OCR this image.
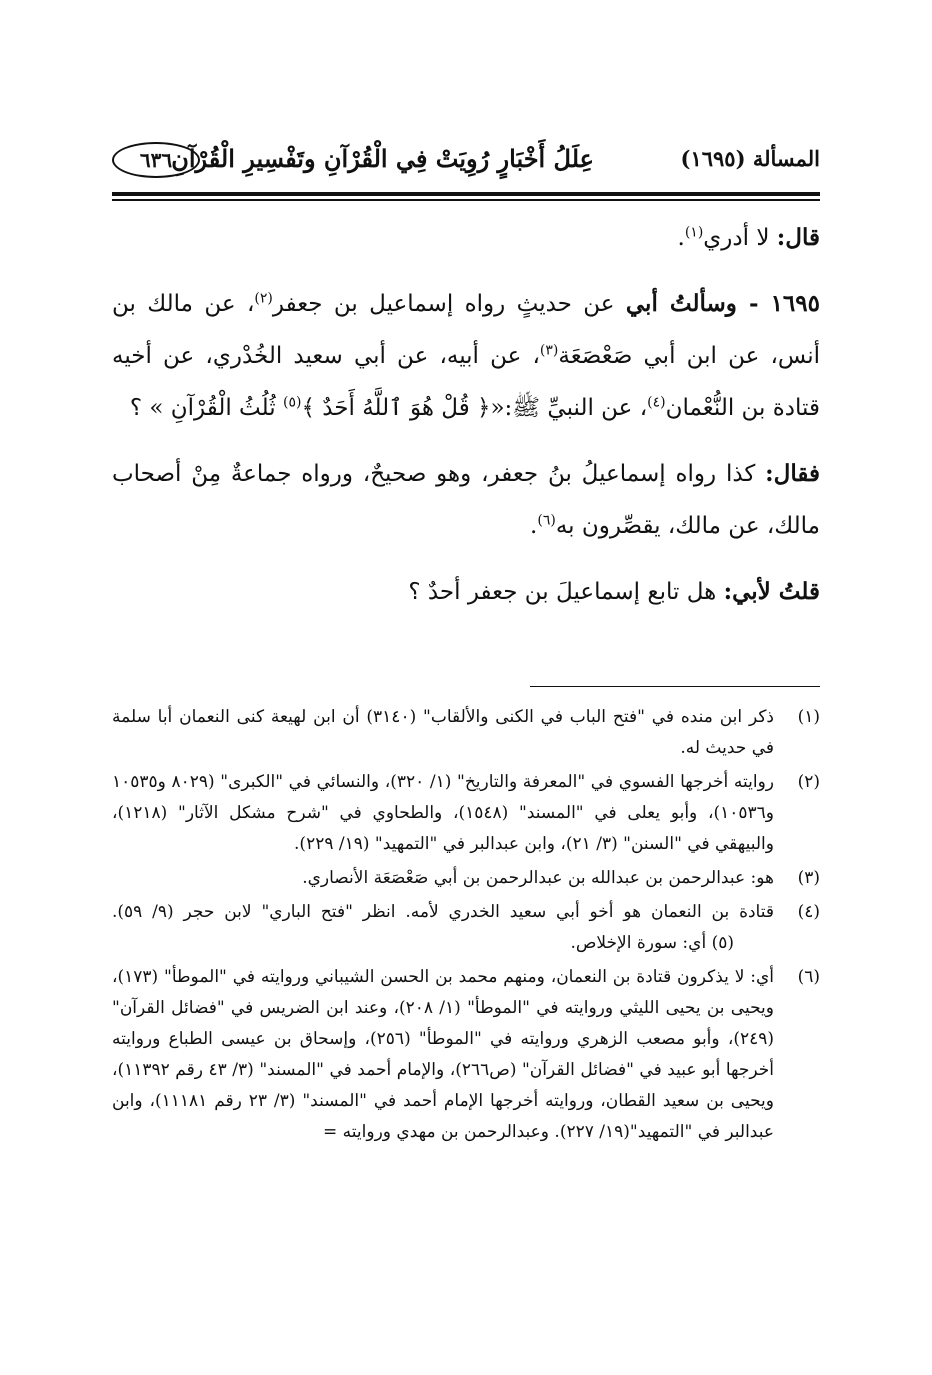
المسألة (١٦٩٥)
عِلَلُ أَخْبَارٍ رُوِيَتْ فِي الْقُرْآنِ وتَفْسِيرِ الْقُرْآنِ
٦٣٦

قال: لا أدري$^{(١)}$.

١٦٩٥ - وسألتُ أبي عن حديثٍ رواه إسماعيل بن جعفر$^{(٢)}$، عن مالك بن أنس، عن ابن أبي صَعْصَعَة$^{(٣)}$، عن أبيه، عن أبي سعيد الخُدْري، عن أخيه قتادة بن النُّعْمان$^{(٤)}$، عن النبيِّ ﷺ:«﴿ قُلْ هُوَ ٱللَّهُ أَحَدٌ ﴾$^{(٥)}$ ثُلُثُ الْقُرْآنِ » ؟

فقال: كذا رواه إسماعيلُ بنُ جعفر، وهو صحيحٌ، ورواه جماعةٌ مِنْ أصحاب مالك، عن مالك، يقصِّرون به$^{(٦)}$.

قلتُ لأبي: هل تابع إسماعيلَ بن جعفر أحدٌ ؟

(١)
ذكر ابن منده في "فتح الباب في الكنى والألقاب" (٣١٤٠) أن ابن لهيعة كنى النعمان أبا سلمة في حديث له.
(٢)
روايته أخرجها الفسوي في "المعرفة والتاريخ" (١/ ٣٢٠)، والنسائي في "الكبرى" (٨٠٢٩ و١٠٥٣٥ و١٠٥٣٦)، وأبو يعلى في "المسند" (١٥٤٨)، والطحاوي في "شرح مشكل الآثار" (١٢١٨)، والبيهقي في "السنن" (٣/ ٢١)، وابن عبدالبر في "التمهيد" (١٩/ ٢٢٩).
(٣)
هو: عبدالرحمن بن عبدالله بن عبدالرحمن بن أبي صَعْصَعَة الأنصاري.
(٤)
قتادة بن النعمان هو أخو أبي سعيد الخدري لأمه. انظر "فتح الباري" لابن حجر (٩/ ٥٩). (٥) أي: سورة الإخلاص.
(٦)
أي: لا يذكرون قتادة بن النعمان، ومنهم محمد بن الحسن الشيباني وروايته في "الموطأ" (١٧٣)، ويحيى بن يحيى الليثي وروايته في "الموطأ" (١/ ٢٠٨)، وعند ابن الضريس في "فضائل القرآن" (٢٤٩)، وأبو مصعب الزهري وروايته في "الموطأ" (٢٥٦)، وإسحاق بن عيسى الطباع وروايته أخرجها أبو عبيد في "فضائل القرآن" (ص٢٦٦)، والإمام أحمد في "المسند" (٣/ ٤٣ رقم ١١٣٩٢)، ويحيى بن سعيد القطان، وروايته أخرجها الإمام أحمد في "المسند" (٣/ ٢٣ رقم ١١١٨١)، وابن عبدالبر في "التمهيد"(١٩/ ٢٢٧). وعبدالرحمن بن مهدي وروايته =
